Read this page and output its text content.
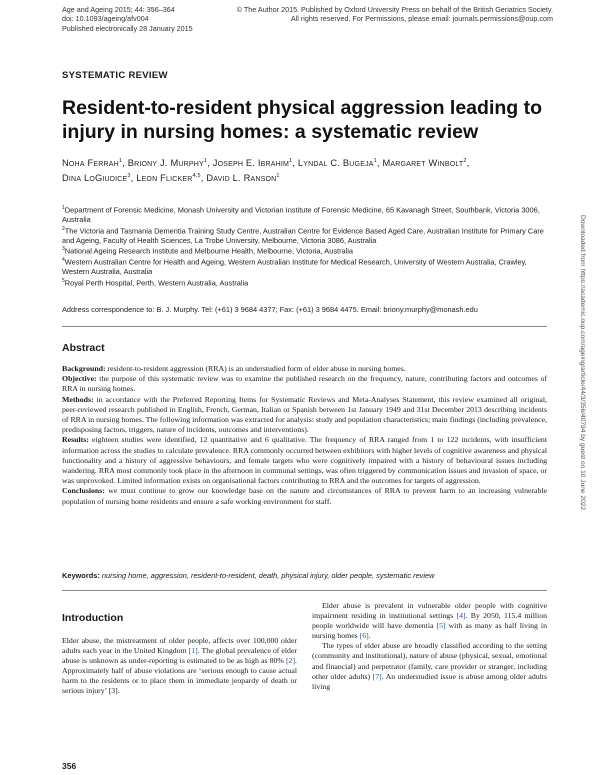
Age and Ageing 2015; 44: 356–364
doi: 10.1093/ageing/afv004
Published electronically 28 January 2015
© The Author 2015. Published by Oxford University Press on behalf of the British Geriatrics Society.
All rights reserved. For Permissions, please email: journals.permissions@oup.com
SYSTEMATIC REVIEW
Resident-to-resident physical aggression leading to injury in nursing homes: a systematic review
Noha Ferrah$^1$, Briony J. Murphy$^1$, Joseph E. Ibrahim$^1$, Lyndal C. Bugeja$^1$, Margaret Winbolt$^2$,
Dina LoGiudice$^3$, Leon Flicker$^{4,5}$, David L. Ranson$^1$

$^1$Department of Forensic Medicine, Monash University and Victorian Institute of Forensic Medicine, 65 Kavanagh Street, Southbank, Victoria 3006, Australia

$^2$The Victoria and Tasmania Dementia Training Study Centre, Australian Centre for Evidence Based Aged Care, Australian Institute for Primary Care and Ageing, Faculty of Health Sciences, La Trobe University, Melbourne, Victoria 3086, Australia

$^3$National Ageing Research Institute and Melbourne Health, Melbourne, Victoria, Australia

$^4$Western Australian Centre for Health and Ageing, Western Australian Institute for Medical Research, University of Western Australia, Crawley, Western Australia, Australia

$^5$Royal Perth Hospital, Perth, Western Australia, Australia

Address correspondence to: B. J. Murphy. Tel: (+61) 3 9684 4377; Fax: (+61) 3 9684 4475. Email: briony.murphy@monash.edu
Abstract

Background: resident-to-resident aggression (RRA) is an understudied form of elder abuse in nursing homes.

Objective: the purpose of this systematic review was to examine the published research on the frequency, nature, contributing factors and outcomes of RRA in nursing homes.

Methods: in accordance with the Preferred Reporting Items for Systematic Reviews and Meta-Analyses Statement, this review examined all original, peer-reviewed research published in English, French, German, Italian or Spanish between 1st January 1949 and 31st December 2013 describing incidents of RRA in nursing homes. The following information was extracted for analysis: study and population characteristics; main findings (including prevalence, predisposing factors, triggers, nature of incidents, outcomes and interventions).

Results: eighteen studies were identified, 12 quantitative and 6 qualitative. The frequency of RRA ranged from 1 to 122 incidents, with insufficient information across the studies to calculate prevalence. RRA commonly occurred between exhibitors with higher levels of cognitive awareness and physical functionality and a history of aggressive behaviours, and female targets who were cognitively impaired with a history of behavioural issues including wandering. RRA most commonly took place in the afternoon in communal settings, was often triggered by communication issues and invasion of space, or was unprovoked. Limited information exists on organisational factors contributing to RRA and the outcomes for targets of aggression.

Conclusions: we must continue to grow our knowledge base on the nature and circumstances of RRA to prevent harm to an increasing vulnerable population of nursing home residents and ensure a safe working environment for staff.

Keywords: nursing home, aggression, resident-to-resident, death, physical injury, older people, systematic review
Introduction

Elder abuse, the mistreatment of older people, affects over 100,000 older adults each year in the United Kingdom [1]. The global prevalence of elder abuse is unknown as under-reporting is estimated to be as high as 80% [2]. Approximately half of abuse violations are ‘serious enough to cause actual harm to the residents or to place them in immediate jeopardy of death or serious injury’ [3].

Elder abuse is prevalent in vulnerable older people with cognitive impairment residing in institutional settings [4]. By 2050, 115.4 million people worldwide will have dementia [5] with as many as half living in nursing homes [6].

The types of elder abuse are broadly classified according to the setting (community and institutional), nature of abuse (physical, sexual, emotional and financial) and perpetrator (family, care provider or stranger, including other older adults) [7]. An understudied issue is abuse among older adults living

356
Downloaded from https://academic.oup.com/ageing/article/44/3/356/40794 by guest on 10 June 2022
